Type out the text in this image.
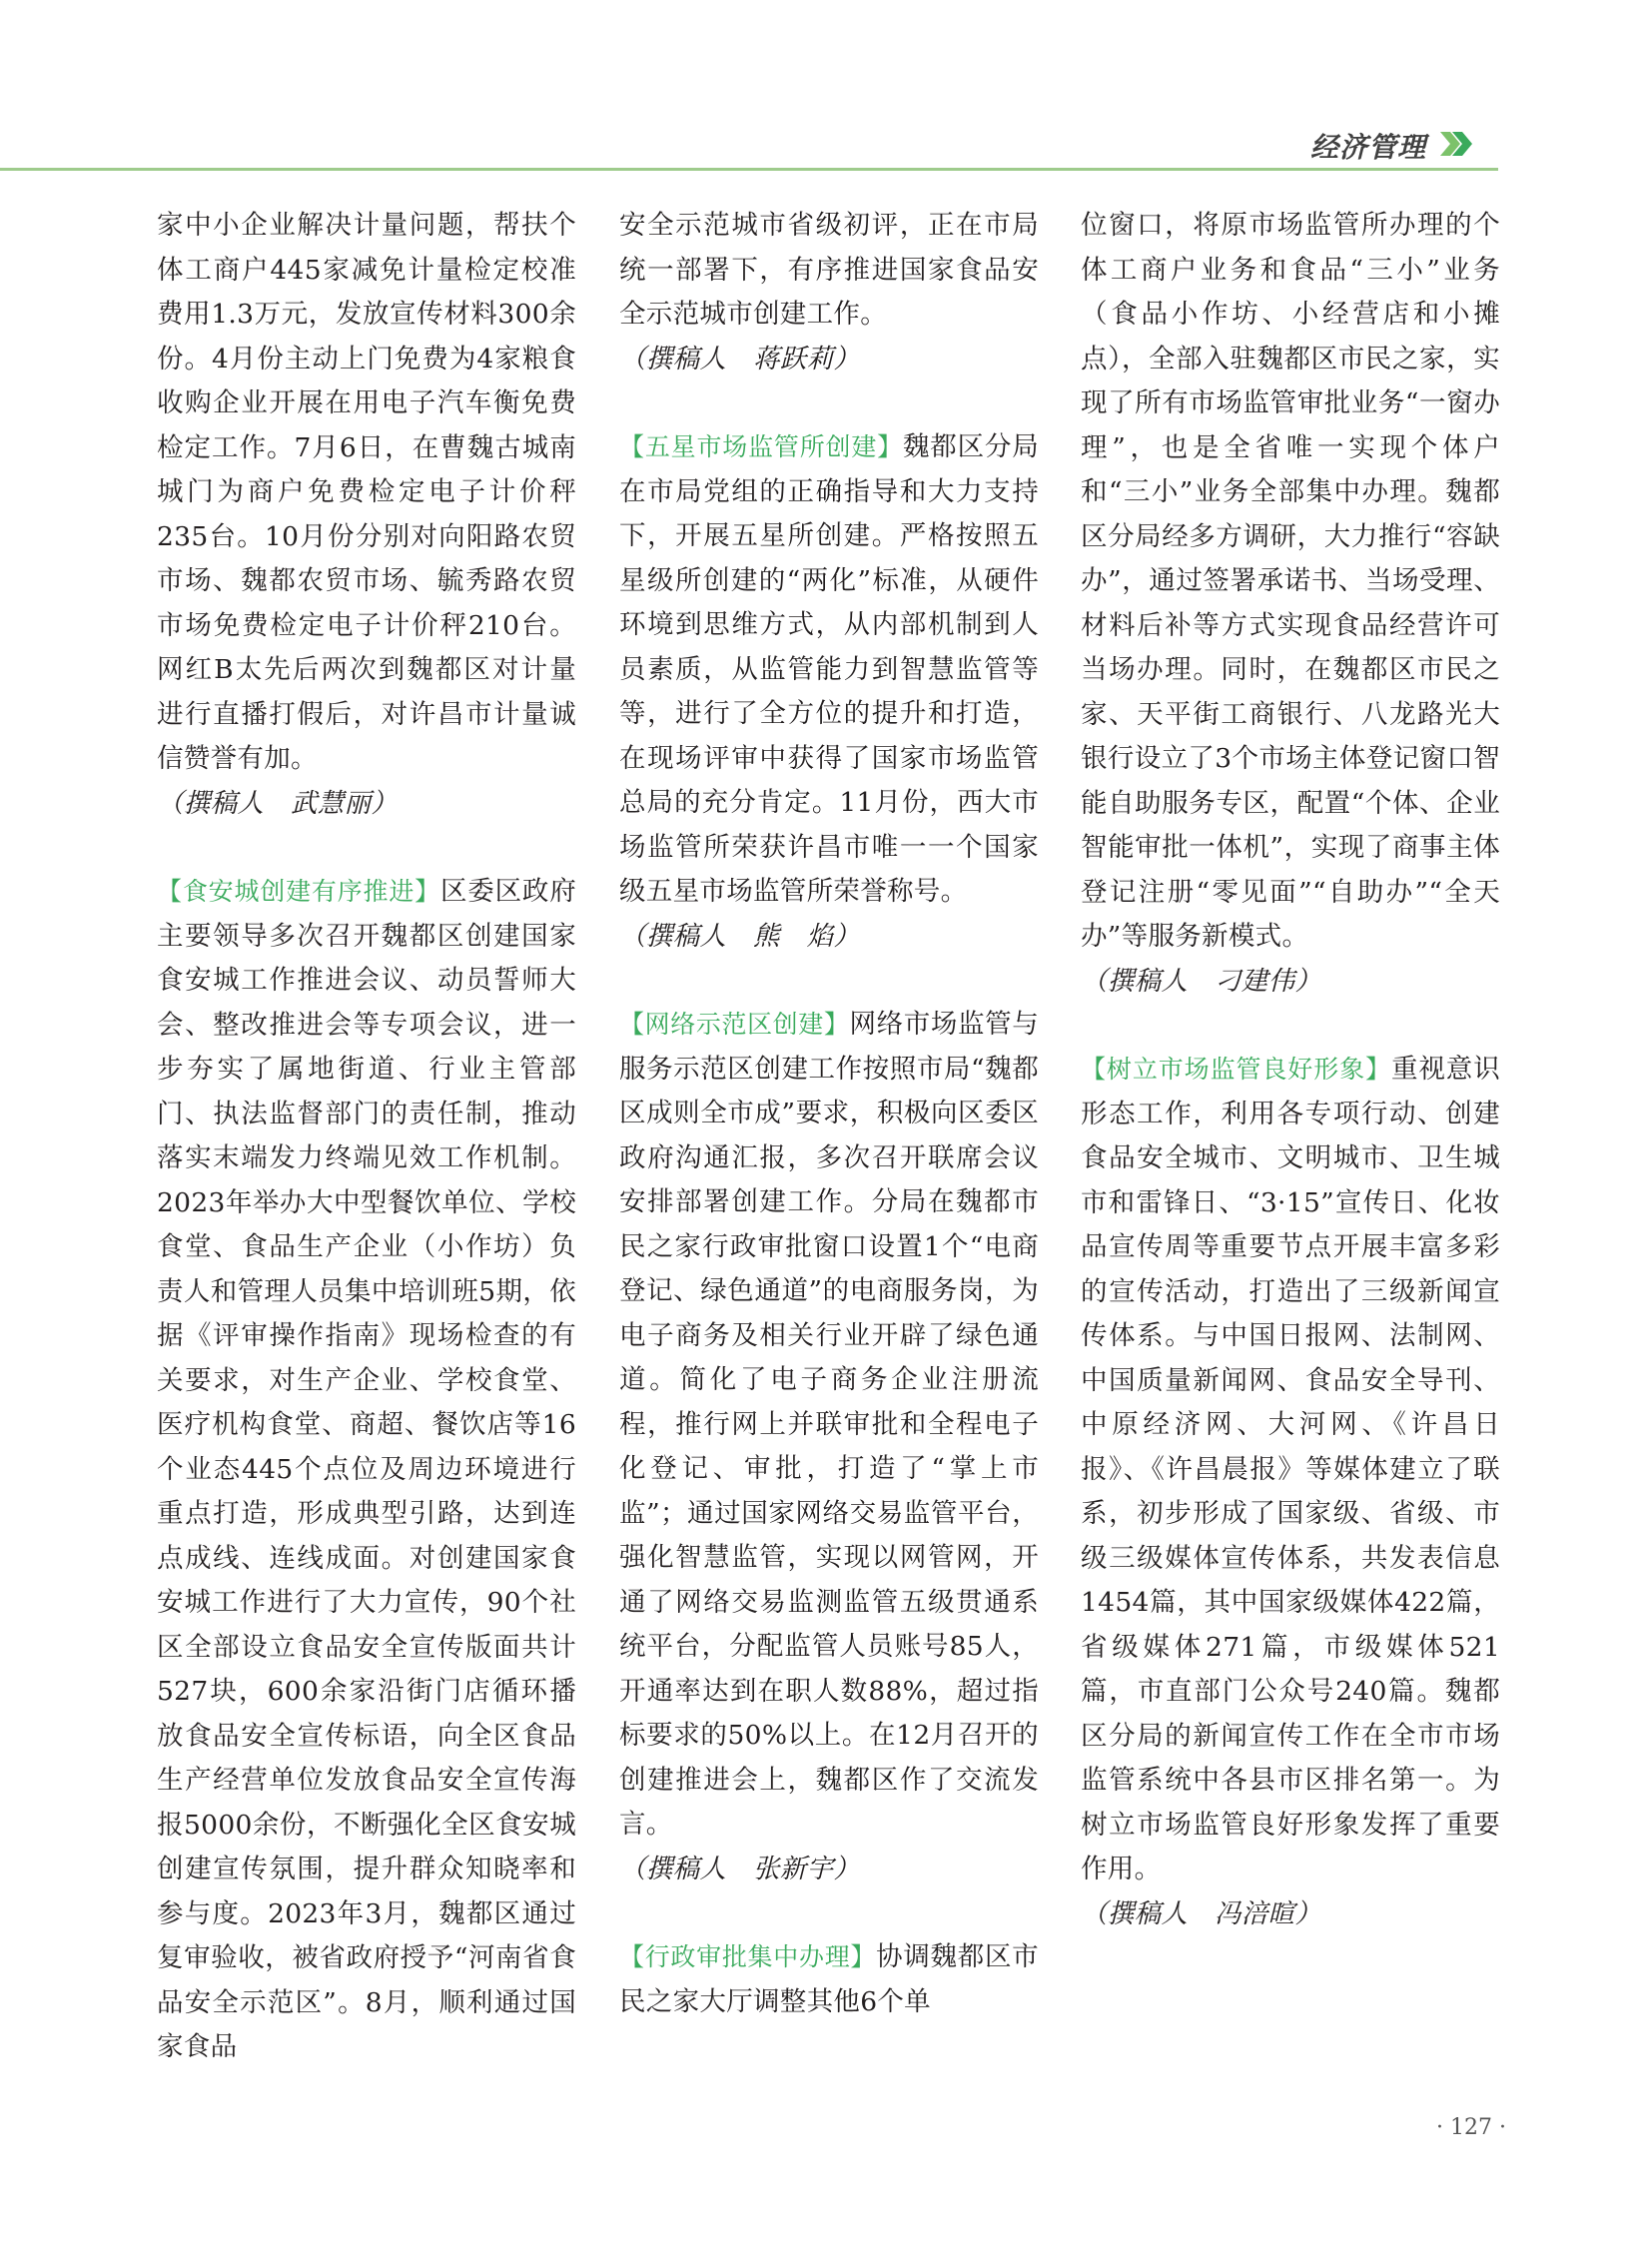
经济管理

家中小企业解决计量问题，帮扶个体工商户445家减免计量检定校准费用1.3万元，发放宣传材料300余份。4月份主动上门免费为4家粮食收购企业开展在用电子汽车衡免费检定工作。7月6日，在曹魏古城南城门为商户免费检定电子计价秤235台。10月份分别对向阳路农贸市场、魏都农贸市场、毓秀路农贸市场免费检定电子计价秤210台。网红B太先后两次到魏都区对计量进行直播打假后，对许昌市计量诚信赞誉有加。

（撰稿人　武慧丽）

【食安城创建有序推进】区委区政府主要领导多次召开魏都区创建国家食安城工作推进会议、动员誓师大会、整改推进会等专项会议，进一步夯实了属地街道、行业主管部门、执法监督部门的责任制，推动落实末端发力终端见效工作机制。2023年举办大中型餐饮单位、学校食堂、食品生产企业（小作坊）负责人和管理人员集中培训班5期，依据《评审操作指南》现场检查的有关要求，对生产企业、学校食堂、医疗机构食堂、商超、餐饮店等16个业态445个点位及周边环境进行重点打造，形成典型引路，达到连点成线、连线成面。对创建国家食安城工作进行了大力宣传，90个社区全部设立食品安全宣传版面共计527块，600余家沿街门店循环播放食品安全宣传标语，向全区食品生产经营单位发放食品安全宣传海报5000余份，不断强化全区食安城创建宣传氛围，提升群众知晓率和参与度。2023年3月，魏都区通过复审验收，被省政府授予“河南省食品安全示范区”。8月，顺利通过国家食品

安全示范城市省级初评，正在市局统一部署下，有序推进国家食品安全示范城市创建工作。

（撰稿人　蒋跃莉）

【五星市场监管所创建】魏都区分局在市局党组的正确指导和大力支持下，开展五星所创建。严格按照五星级所创建的“两化”标准，从硬件环境到思维方式，从内部机制到人员素质，从监管能力到智慧监管等等，进行了全方位的提升和打造，在现场评审中获得了国家市场监管总局的充分肯定。11月份，西大市场监管所荣获许昌市唯一一个国家级五星市场监管所荣誉称号。

（撰稿人　熊　焰）

【网络示范区创建】网络市场监管与服务示范区创建工作按照市局“魏都区成则全市成”要求，积极向区委区政府沟通汇报，多次召开联席会议安排部署创建工作。分局在魏都市民之家行政审批窗口设置1个“电商登记、绿色通道”的电商服务岗，为电子商务及相关行业开辟了绿色通道。简化了电子商务企业注册流程，推行网上并联审批和全程电子化登记、审批，打造了“掌上市监”；通过国家网络交易监管平台，强化智慧监管，实现以网管网，开通了网络交易监测监管五级贯通系统平台，分配监管人员账号85人，开通率达到在职人数88%，超过指标要求的50%以上。在12月召开的创建推进会上，魏都区作了交流发言。

（撰稿人　张新宇）

【行政审批集中办理】协调魏都区市民之家大厅调整其他6个单

位窗口，将原市场监管所办理的个体工商户业务和食品“三小”业务（食品小作坊、小经营店和小摊点），全部入驻魏都区市民之家，实现了所有市场监管审批业务“一窗办理”，也是全省唯一实现个体户和“三小”业务全部集中办理。魏都区分局经多方调研，大力推行“容缺办”，通过签署承诺书、当场受理、材料后补等方式实现食品经营许可当场办理。同时，在魏都区市民之家、天平街工商银行、八龙路光大银行设立了3个市场主体登记窗口智能自助服务专区，配置“个体、企业智能审批一体机”，实现了商事主体登记注册“零见面”“自助办”“全天办”等服务新模式。

（撰稿人　刁建伟）

【树立市场监管良好形象】重视意识形态工作，利用各专项行动、创建食品安全城市、文明城市、卫生城市和雷锋日、“3·15”宣传日、化妆品宣传周等重要节点开展丰富多彩的宣传活动，打造出了三级新闻宣传体系。与中国日报网、法制网、中国质量新闻网、食品安全导刊、中原经济网、大河网、《许昌日报》、《许昌晨报》等媒体建立了联系，初步形成了国家级、省级、市级三级媒体宣传体系，共发表信息1454篇，其中国家级媒体422篇，省级媒体271篇，市级媒体521篇，市直部门公众号240篇。魏都区分局的新闻宣传工作在全市市场监管系统中各县市区排名第一。为树立市场监管良好形象发挥了重要作用。

（撰稿人　冯涪暄）

· 127 ·
